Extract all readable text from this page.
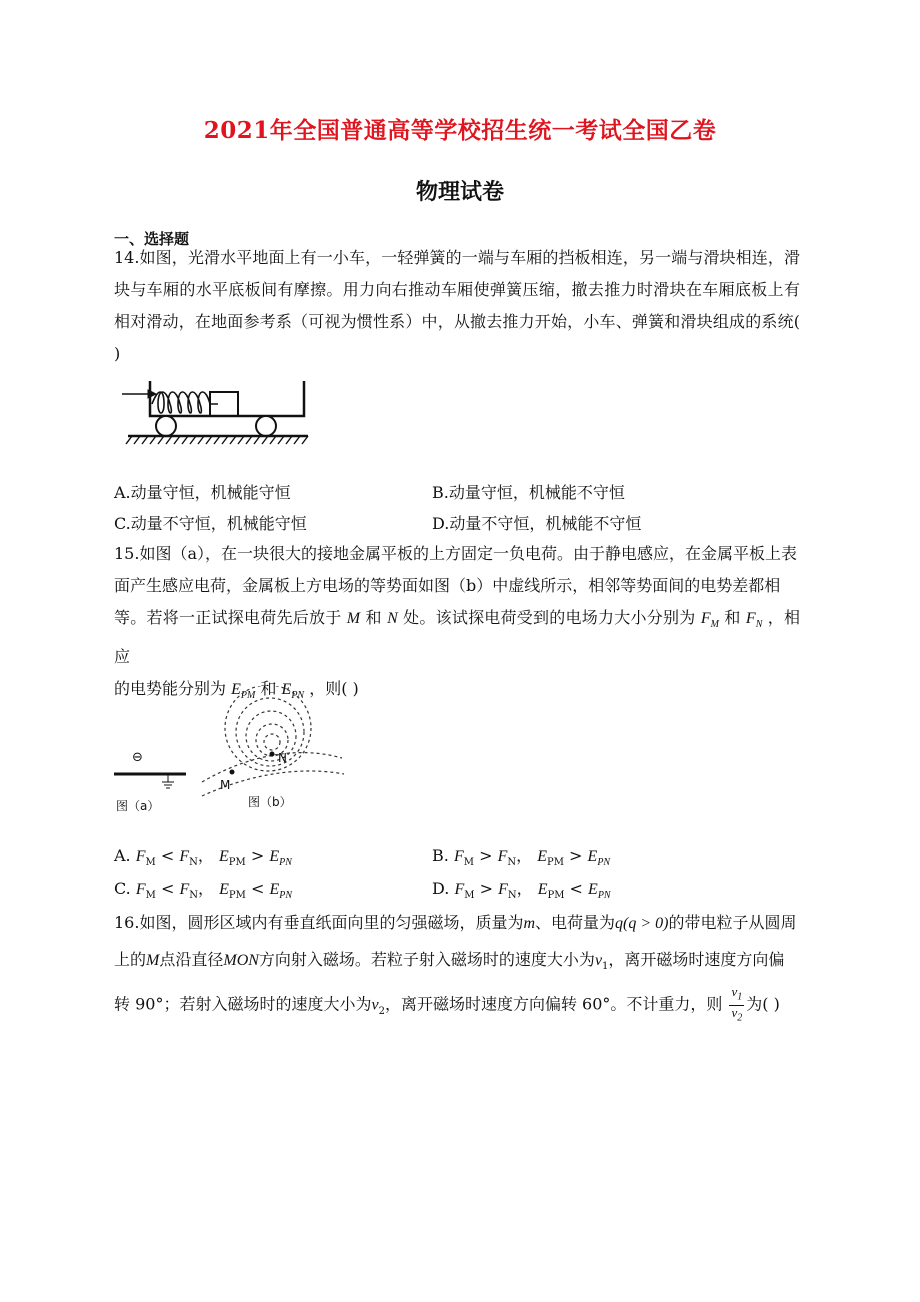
2021年全国普通高等学校招生统一考试全国乙卷
物理试卷
一、选择题
14.如图，光滑水平地面上有一小车，一轻弹簧的一端与车厢的挡板相连，另一端与滑块相连，滑块与车厢的水平底板间有摩擦。用力向右推动车厢使弹簧压缩，撤去推力时滑块在车厢底板上有相对滑动，在地面参考系（可视为惯性系）中，从撤去推力开始，小车、弹簧和滑块组成的系统( )
A.动量守恒，机械能守恒	B.动量守恒，机械能不守恒
C.动量不守恒，机械能守恒	D.动量不守恒，机械能不守恒
15.如图（a），在一块很大的接地金属平板的上方固定一负电荷。由于静电感应，在金属平板上表
面产生感应电荷，金属板上方电场的等势面如图（b）中虚线所示，相邻等势面间的电势差都相
等。若将一正试探电荷先后放于 M 和 N 处。该试探电荷受到的电场力大小分别为 $F_M$ 和 $F_N$ ，相应
的电势能分别为 $E_{PM}$ 和 $E_{PN}$ ，则( )
⊖
图（a）
N
M
图（b）
A. $F_M < F_N$， $E_{PM} > E_{PN}$	B. $F_M > F_N$， $E_{PM} > E_{PN}$
C. $F_M < F_N$， $E_{PM} < E_{PN}$	D. $F_M > F_N$， $E_{PM} < E_{PN}$
16.如图，圆形区域内有垂直纸面向里的匀强磁场，质量为m、电荷量为q(q > 0)的带电粒子从圆周
上的M点沿直径MON方向射入磁场。若粒子射入磁场时的速度大小为$v_1$，离开磁场时速度方向偏
转 90°；若射入磁场时的速度大小为$v_2$，离开磁场时速度方向偏转 60°。不计重力，则 $\frac{v_1}{v_2}$ 为( )
